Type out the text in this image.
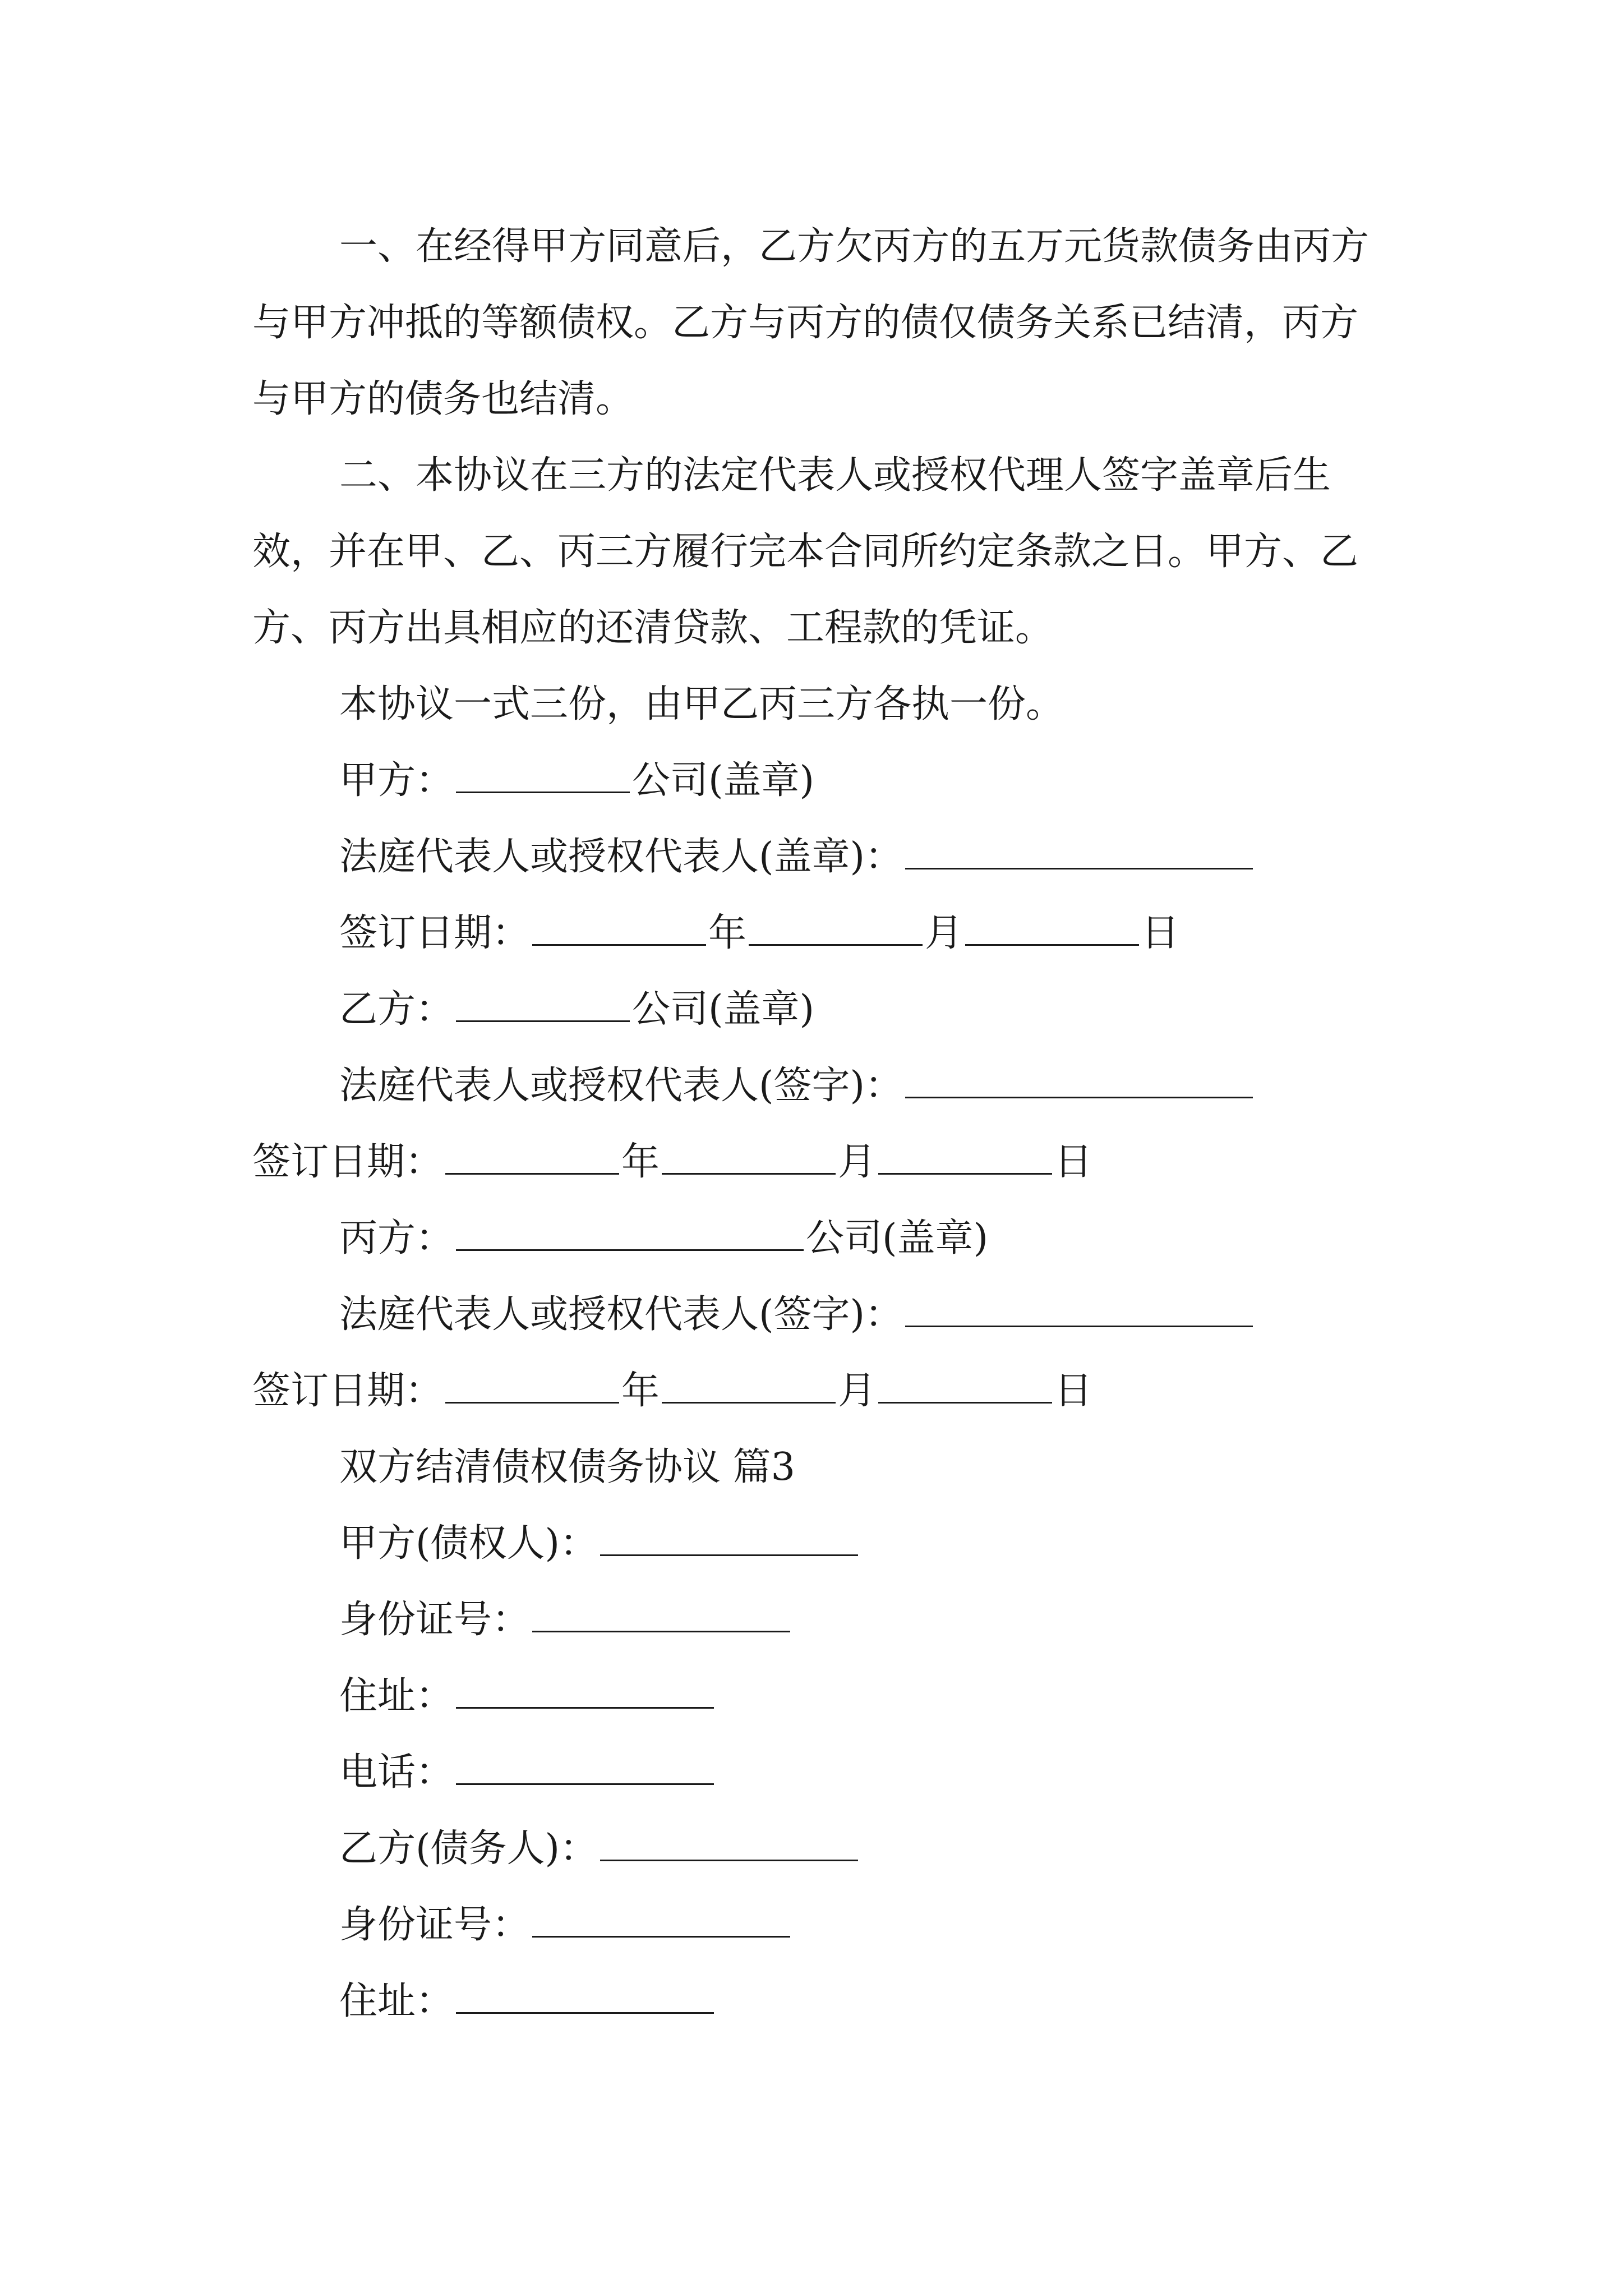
一、在经得甲方同意后，乙方欠丙方的五万元货款债务由丙方与甲方冲抵的等额债权。乙方与丙方的债仅债务关系已结清，丙方与甲方的债务也结清。

二、本协议在三方的法定代表人或授权代理人签字盖章后生效，并在甲、乙、丙三方履行完本合同所约定条款之日。甲方、乙方、丙方出具相应的还清贷款、工程款的凭证。

本协议一式三份，由甲乙丙三方各执一份。

甲方：	公司(盖章)

法庭代表人或授权代表人(盖章)：

签订日期：	年	月	日

乙方：	公司(盖章)

法庭代表人或授权代表人(签字)：

签订日期：	年	月	日

丙方：	公司(盖章)

法庭代表人或授权代表人(签字)：

签订日期：	年	月	日

双方结清债权债务协议 篇3

甲方(债权人)：

身份证号：

住址：

电话：

乙方(债务人)：

身份证号：

住址：
